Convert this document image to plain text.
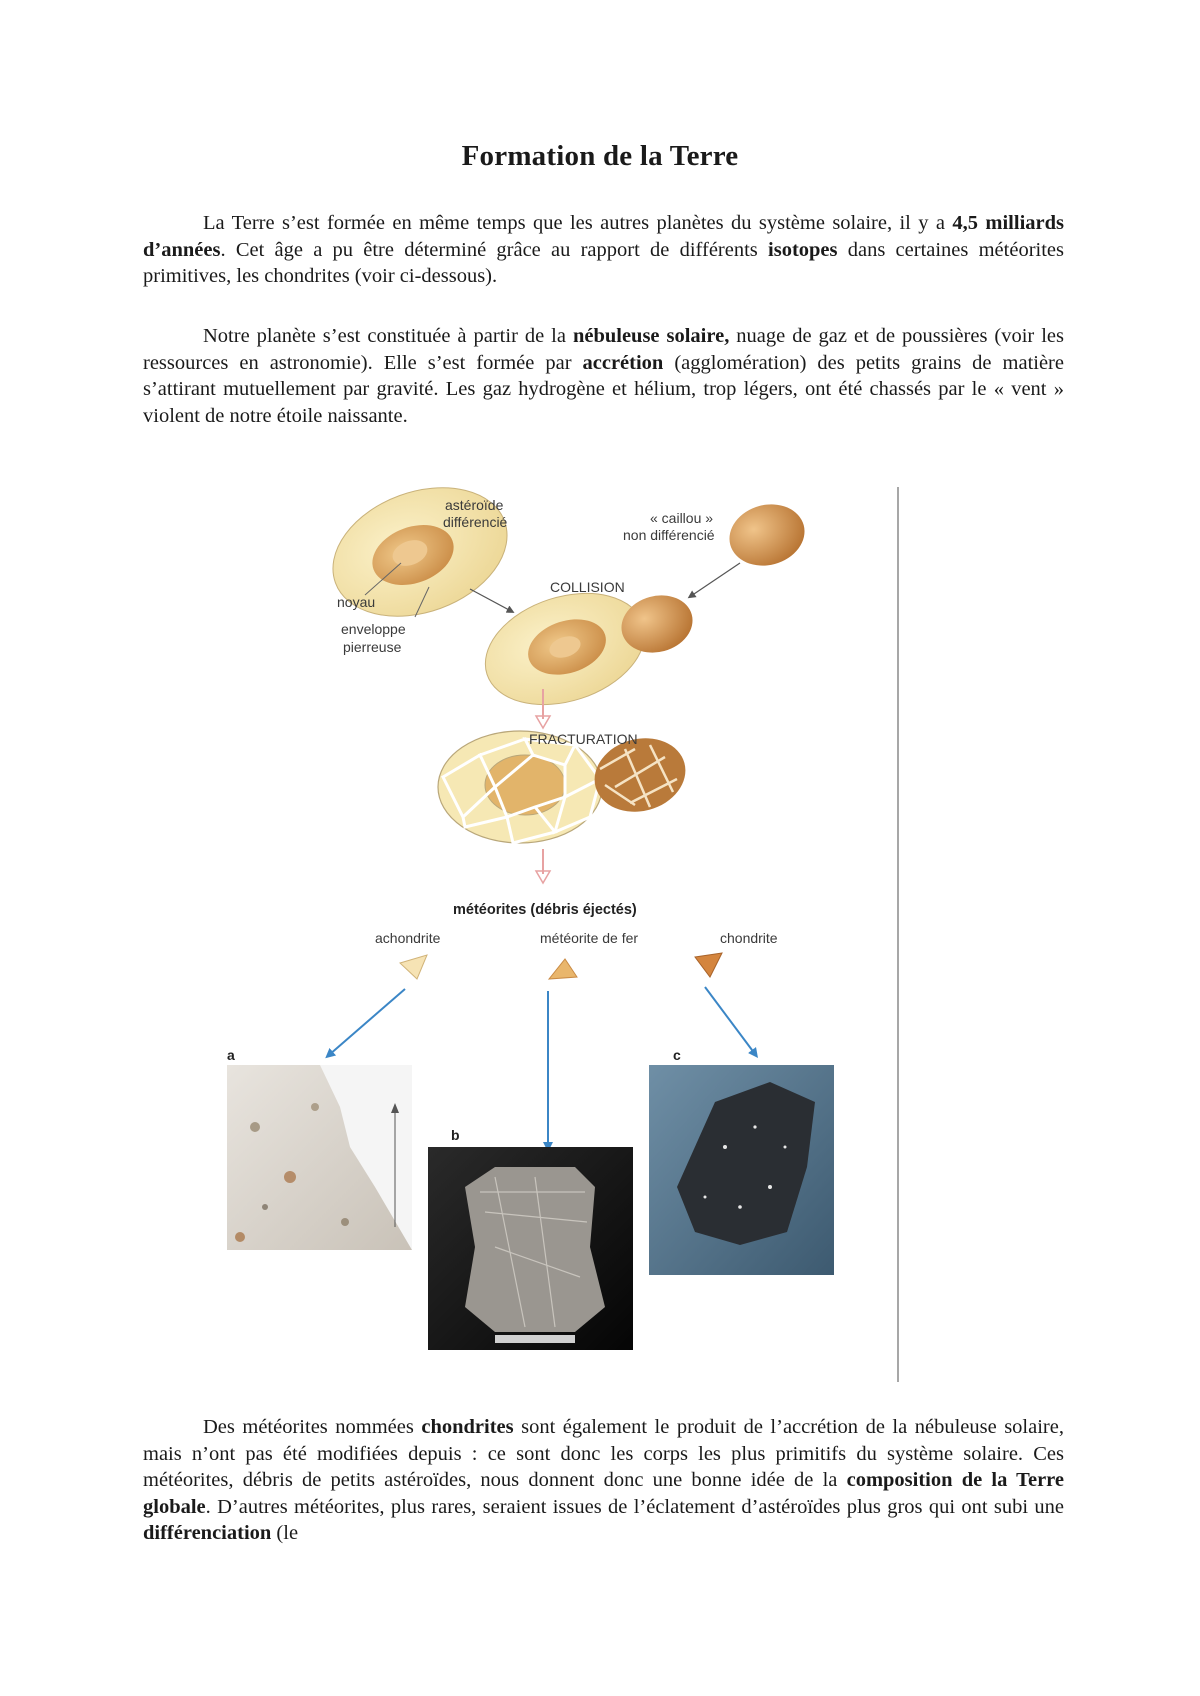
Formation de la Terre

La Terre s’est formée en même temps que les autres planètes du système solaire, il y a 4,5 milliards d’années. Cet âge a pu être déterminé grâce au rapport de différents isotopes dans certaines météorites primitives, les chondrites (voir ci-dessous).

Notre planète s’est constituée à partir de la nébuleuse solaire, nuage de gaz et de poussières (voir les ressources en astronomie). Elle s’est formée par accrétion (agglomération) des petits grains de matière s’attirant mutuellement par gravité. Les gaz hydrogène et hélium, trop légers, ont été chassés par le « vent » violent de notre étoile naissante.

astéroïde
différencié	« caillou »
non différencié
COLLISION
noyau
enveloppe
pierreuse
FRACTURATION
météorites (débris éjectés)
achondrite	météorite de fer	chondrite
a
b
c

Des météorites nommées chondrites sont également le produit de l’accrétion de la nébuleuse solaire, mais n’ont pas été modifiées depuis : ce sont donc les corps les plus primitifs du système solaire. Ces météorites, débris de petits astéroïdes, nous donnent donc une bonne idée de la composition de la Terre globale. D’autres météorites, plus rares, seraient issues de l’éclatement d’astéroïdes plus gros qui ont subi une différenciation (le
